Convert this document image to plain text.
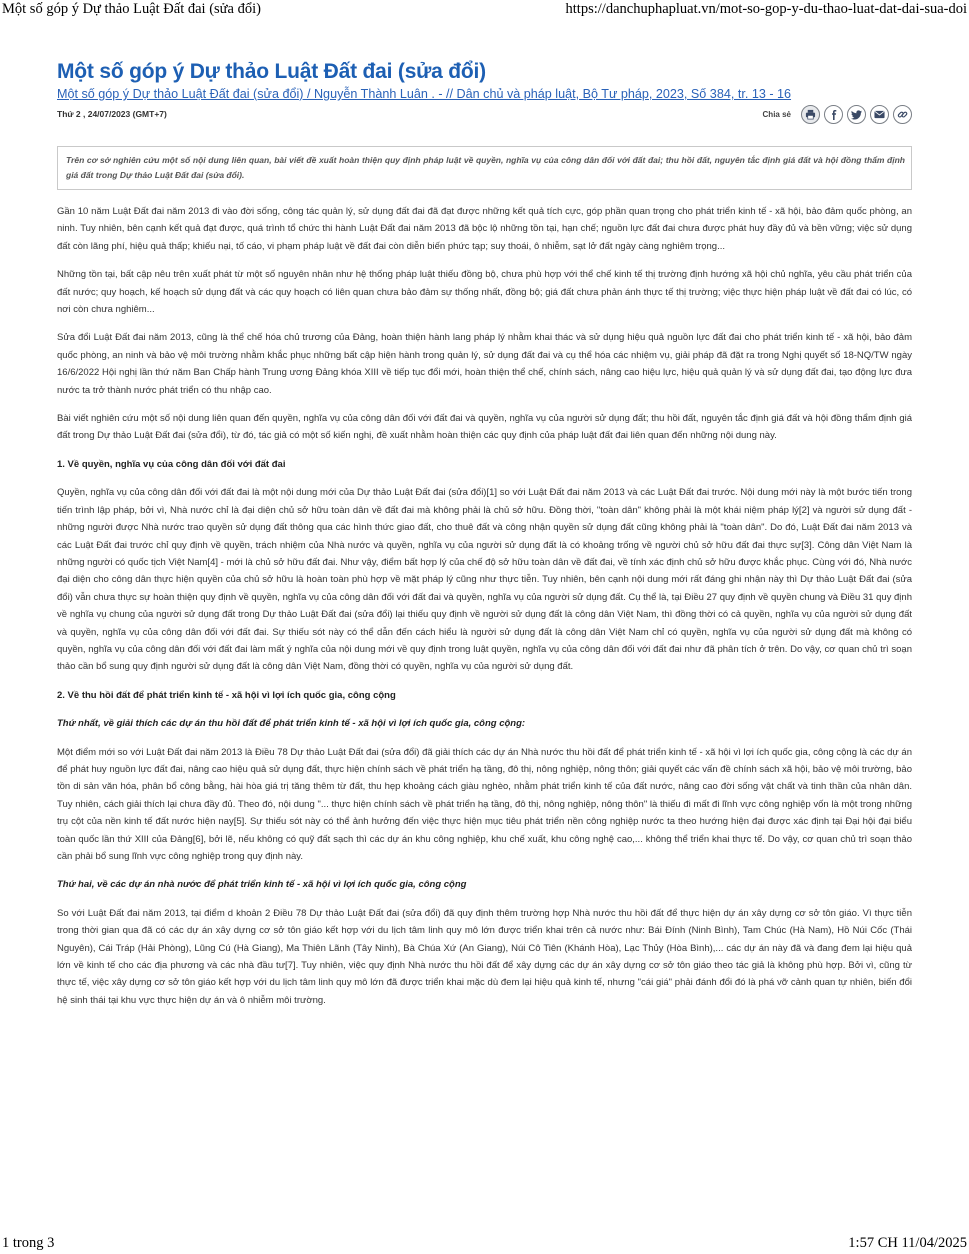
Một số góp ý Dự thảo Luật Đất đai (sửa đổi)	https://danchuphapluat.vn/mot-so-gop-y-du-thao-luat-dat-dai-sua-doi
Một số góp ý Dự thảo Luật Đất đai (sửa đổi)

Một số góp ý Dự thảo Luật Đất đai (sửa đổi) / Nguyễn Thành Luân . - // Dân chủ và pháp luật, Bộ Tư pháp, 2023, Số 384, tr. 13 - 16

Thứ 2 , 24/07/2023 (GMT+7)	Chia sẻ
Trên cơ sở nghiên cứu một số nội dung liên quan, bài viết đề xuất hoàn thiện quy định pháp luật về quyền, nghĩa vụ của công dân đối với đất đai; thu hồi đất, nguyên tắc định giá đất và hội đồng thẩm định giá đất trong Dự thảo Luật Đất đai (sửa đổi).

Gần 10 năm Luật Đất đai năm 2013 đi vào đời sống, công tác quản lý, sử dụng đất đai đã đạt được những kết quả tích cực, góp phần quan trọng cho phát triển kinh tế - xã hội, bảo đảm quốc phòng, an ninh. Tuy nhiên, bên cạnh kết quả đạt được, quá trình tổ chức thi hành Luật Đất đai năm 2013 đã bộc lộ những tồn tại, hạn chế; nguồn lực đất đai chưa được phát huy đầy đủ và bền vững; việc sử dụng đất còn lãng phí, hiệu quả thấp; khiếu nại, tố cáo, vi phạm pháp luật về đất đai còn diễn biến phức tạp; suy thoái, ô nhiễm, sạt lở đất ngày càng nghiêm trọng...

Những tồn tại, bất cập nêu trên xuất phát từ một số nguyên nhân như hệ thống pháp luật thiếu đồng bộ, chưa phù hợp với thể chế kinh tế thị trường định hướng xã hội chủ nghĩa, yêu cầu phát triển của đất nước; quy hoạch, kế hoạch sử dụng đất và các quy hoạch có liên quan chưa bảo đảm sự thống nhất, đồng bộ; giá đất chưa phản ánh thực tế thị trường; việc thực hiện pháp luật về đất đai có lúc, có nơi còn chưa nghiêm...

Sửa đổi Luật Đất đai năm 2013, cũng là thể chế hóa chủ trương của Đảng, hoàn thiện hành lang pháp lý nhằm khai thác và sử dụng hiệu quả nguồn lực đất đai cho phát triển kinh tế - xã hội, bảo đảm quốc phòng, an ninh và bảo vệ môi trường nhằm khắc phục những bất cập hiện hành trong quản lý, sử dụng đất đai và cụ thể hóa các nhiệm vụ, giải pháp đã đặt ra trong Nghị quyết số 18-NQ/TW ngày 16/6/2022 Hội nghị lần thứ năm Ban Chấp hành Trung ương Đảng khóa XIII về tiếp tục đổi mới, hoàn thiện thể chế, chính sách, nâng cao hiệu lực, hiệu quả quản lý và sử dụng đất đai, tạo động lực đưa nước ta trở thành nước phát triển có thu nhập cao.

Bài viết nghiên cứu một số nội dung liên quan đến quyền, nghĩa vụ của công dân đối với đất đai và quyền, nghĩa vụ của người sử dụng đất; thu hồi đất, nguyên tắc định giá đất và hội đồng thẩm định giá đất trong Dự thảo Luật Đất đai (sửa đổi), từ đó, tác giả có một số kiến nghị, đề xuất nhằm hoàn thiện các quy định của pháp luật đất đai liên quan đến những nội dung này.

1. Về quyền, nghĩa vụ của công dân đối với đất đai

Quyền, nghĩa vụ của công dân đối với đất đai là một nội dung mới của Dự thảo Luật Đất đai (sửa đổi)[1] so với Luật Đất đai năm 2013 và các Luật Đất đai trước. Nội dung mới này là một bước tiến trong tiến trình lập pháp, bởi vì, Nhà nước chỉ là đại diện chủ sở hữu toàn dân về đất đai mà không phải là chủ sở hữu. Đồng thời, "toàn dân" không phải là một khái niệm pháp lý[2] và người sử dụng đất - những người được Nhà nước trao quyền sử dụng đất thông qua các hình thức giao đất, cho thuê đất và công nhận quyền sử dụng đất cũng không phải là "toàn dân". Do đó, Luật Đất đai năm 2013 và các Luật Đất đai trước chỉ quy định về quyền, trách nhiệm của Nhà nước và quyền, nghĩa vụ của người sử dụng đất là có khoảng trống về người chủ sở hữu đất đai thực sự[3]. Công dân Việt Nam là những người có quốc tịch Việt Nam[4] - mới là chủ sở hữu đất đai. Như vậy, điểm bất hợp lý của chế độ sở hữu toàn dân về đất đai, về tính xác định chủ sở hữu được khắc phục. Cùng với đó, Nhà nước đại diện cho công dân thực hiện quyền của chủ sở hữu là hoàn toàn phù hợp về mặt pháp lý cũng như thực tiễn. Tuy nhiên, bên cạnh nội dung mới rất đáng ghi nhận này thì Dự thảo Luật Đất đai (sửa đổi) vẫn chưa thực sự hoàn thiện quy định về quyền, nghĩa vụ của công dân đối với đất đai và quyền, nghĩa vụ của người sử dụng đất. Cụ thể là, tại Điều 27 quy định về quyền chung và Điều 31 quy định về nghĩa vụ chung của người sử dụng đất trong Dự thảo Luật Đất đai (sửa đổi) lại thiếu quy định về người sử dụng đất là công dân Việt Nam, thì đồng thời có cả quyền, nghĩa vụ của người sử dụng đất và quyền, nghĩa vụ của công dân đối với đất đai. Sự thiếu sót này có thể dẫn đến cách hiểu là người sử dụng đất là công dân Việt Nam chỉ có quyền, nghĩa vụ của người sử dụng đất mà không có quyền, nghĩa vụ của công dân đối với đất đai làm mất ý nghĩa của nội dung mới về quy định trong luật quyền, nghĩa vụ của công dân đối với đất đai như đã phân tích ở trên. Do vậy, cơ quan chủ trì soạn thảo cần bổ sung quy định người sử dụng đất là công dân Việt Nam, đồng thời có quyền, nghĩa vụ của người sử dụng đất.

2. Về thu hồi đất để phát triển kinh tế - xã hội vì lợi ích quốc gia, công cộng

Thứ nhất, về giải thích các dự án thu hồi đất để phát triển kinh tế - xã hội vì lợi ích quốc gia, công cộng:

Một điểm mới so với Luật Đất đai năm 2013 là Điều 78 Dự thảo Luật Đất đai (sửa đổi) đã giải thích các dự án Nhà nước thu hồi đất để phát triển kinh tế - xã hội vì lợi ích quốc gia, công cộng là các dự án để phát huy nguồn lực đất đai, nâng cao hiệu quả sử dụng đất, thực hiện chính sách về phát triển hạ tầng, đô thị, nông nghiệp, nông thôn; giải quyết các vấn đề chính sách xã hội, bảo vệ môi trường, bảo tồn di sản văn hóa, phân bổ công bằng, hài hòa giá trị tăng thêm từ đất, thu hẹp khoảng cách giàu nghèo, nhằm phát triển kinh tế của đất nước, nâng cao đời sống vật chất và tinh thần của nhân dân. Tuy nhiên, cách giải thích lại chưa đầy đủ. Theo đó, nội dung "... thực hiện chính sách về phát triển hạ tầng, đô thị, nông nghiệp, nông thôn" là thiếu đi mất đi lĩnh vực công nghiệp vốn là một trong những trụ cột của nền kinh tế đất nước hiện nay[5]. Sự thiếu sót này có thể ảnh hưởng đến việc thực hiện mục tiêu phát triển nền công nghiệp nước ta theo hướng hiện đại được xác định tại Đại hội đại biểu toàn quốc lần thứ XIII của Đảng[6], bởi lẽ, nếu không có quỹ đất sạch thì các dự án khu công nghiệp, khu chế xuất, khu công nghệ cao,... không thể triển khai thực tế. Do vậy, cơ quan chủ trì soạn thảo cần phải bổ sung lĩnh vực công nghiệp trong quy định này.

Thứ hai, về các dự án nhà nước để phát triển kinh tế - xã hội vì lợi ích quốc gia, công cộng

So với Luật Đất đai năm 2013, tại điểm d khoản 2 Điều 78 Dự thảo Luật Đất đai (sửa đổi) đã quy định thêm trường hợp Nhà nước thu hồi đất để thực hiện dự án xây dựng cơ sở tôn giáo. Vì thực tiễn trong thời gian qua đã có các dự án xây dựng cơ sở tôn giáo kết hợp với du lịch tâm linh quy mô lớn được triển khai trên cả nước như: Bái Đính (Ninh Bình), Tam Chúc (Hà Nam), Hồ Núi Cốc (Thái Nguyên), Cái Tráp (Hải Phòng), Lũng Cú (Hà Giang), Ma Thiên Lãnh (Tây Ninh), Bà Chúa Xứ (An Giang), Núi Cô Tiên (Khánh Hòa), Lạc Thủy (Hòa Bình),... các dự án này đã và đang đem lại hiệu quả lớn về kinh tế cho các địa phương và các nhà đầu tư[7]. Tuy nhiên, việc quy định Nhà nước thu hồi đất để xây dựng các dự án xây dựng cơ sở tôn giáo theo tác giả là không phù hợp. Bởi vì, cũng từ thực tế, việc xây dựng cơ sở tôn giáo kết hợp với du lịch tâm linh quy mô lớn đã được triển khai mặc dù đem lại hiệu quả kinh tế, nhưng "cái giá" phải đánh đổi đó là phá vỡ cảnh quan tự nhiên, biến đổi hệ sinh thái tại khu vực thực hiện dự án và ô nhiễm môi trường.

1 trong 3	1:57 CH 11/04/2025
